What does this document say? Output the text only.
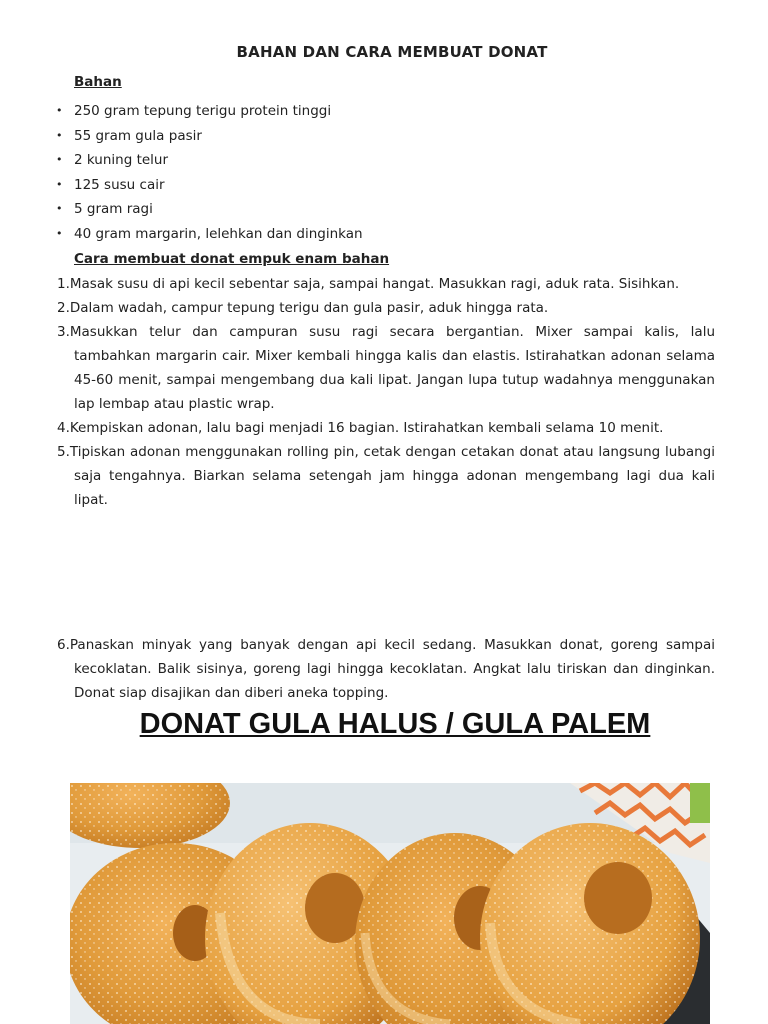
BAHAN DAN CARA MEMBUAT DONAT
Bahan
• 250 gram tepung terigu protein tinggi
• 55 gram gula pasir
• 2 kuning telur
• 125 susu cair
• 5 gram ragi
• 40 gram margarin, lelehkan dan dinginkan
Cara membuat donat empuk enam bahan
1.Masak susu di api kecil sebentar saja, sampai hangat. Masukkan ragi, aduk rata. Sisihkan.
2.Dalam wadah, campur tepung terigu dan gula pasir, aduk hingga rata.
3.Masukkan telur dan campuran susu ragi secara bergantian. Mixer sampai kalis, lalu tambahkan margarin cair. Mixer kembali hingga kalis dan elastis. Istirahatkan adonan selama 45-60 menit, sampai mengembang dua kali lipat. Jangan lupa tutup wadahnya menggunakan lap lembap atau plastic wrap.
4.Kempiskan adonan, lalu bagi menjadi 16 bagian. Istirahatkan kembali selama 10 menit.
5.Tipiskan adonan menggunakan rolling pin, cetak dengan cetakan donat atau langsung lubangi saja tengahnya. Biarkan selama setengah jam hingga adonan mengembang lagi dua kali lipat.
6.Panaskan minyak yang banyak dengan api kecil sedang. Masukkan donat, goreng sampai kecoklatan. Balik sisinya, goreng lagi hingga kecoklatan. Angkat lalu tiriskan dan dinginkan. Donat siap disajikan dan diberi aneka topping.
DONAT GULA HALUS / GULA PALEM
